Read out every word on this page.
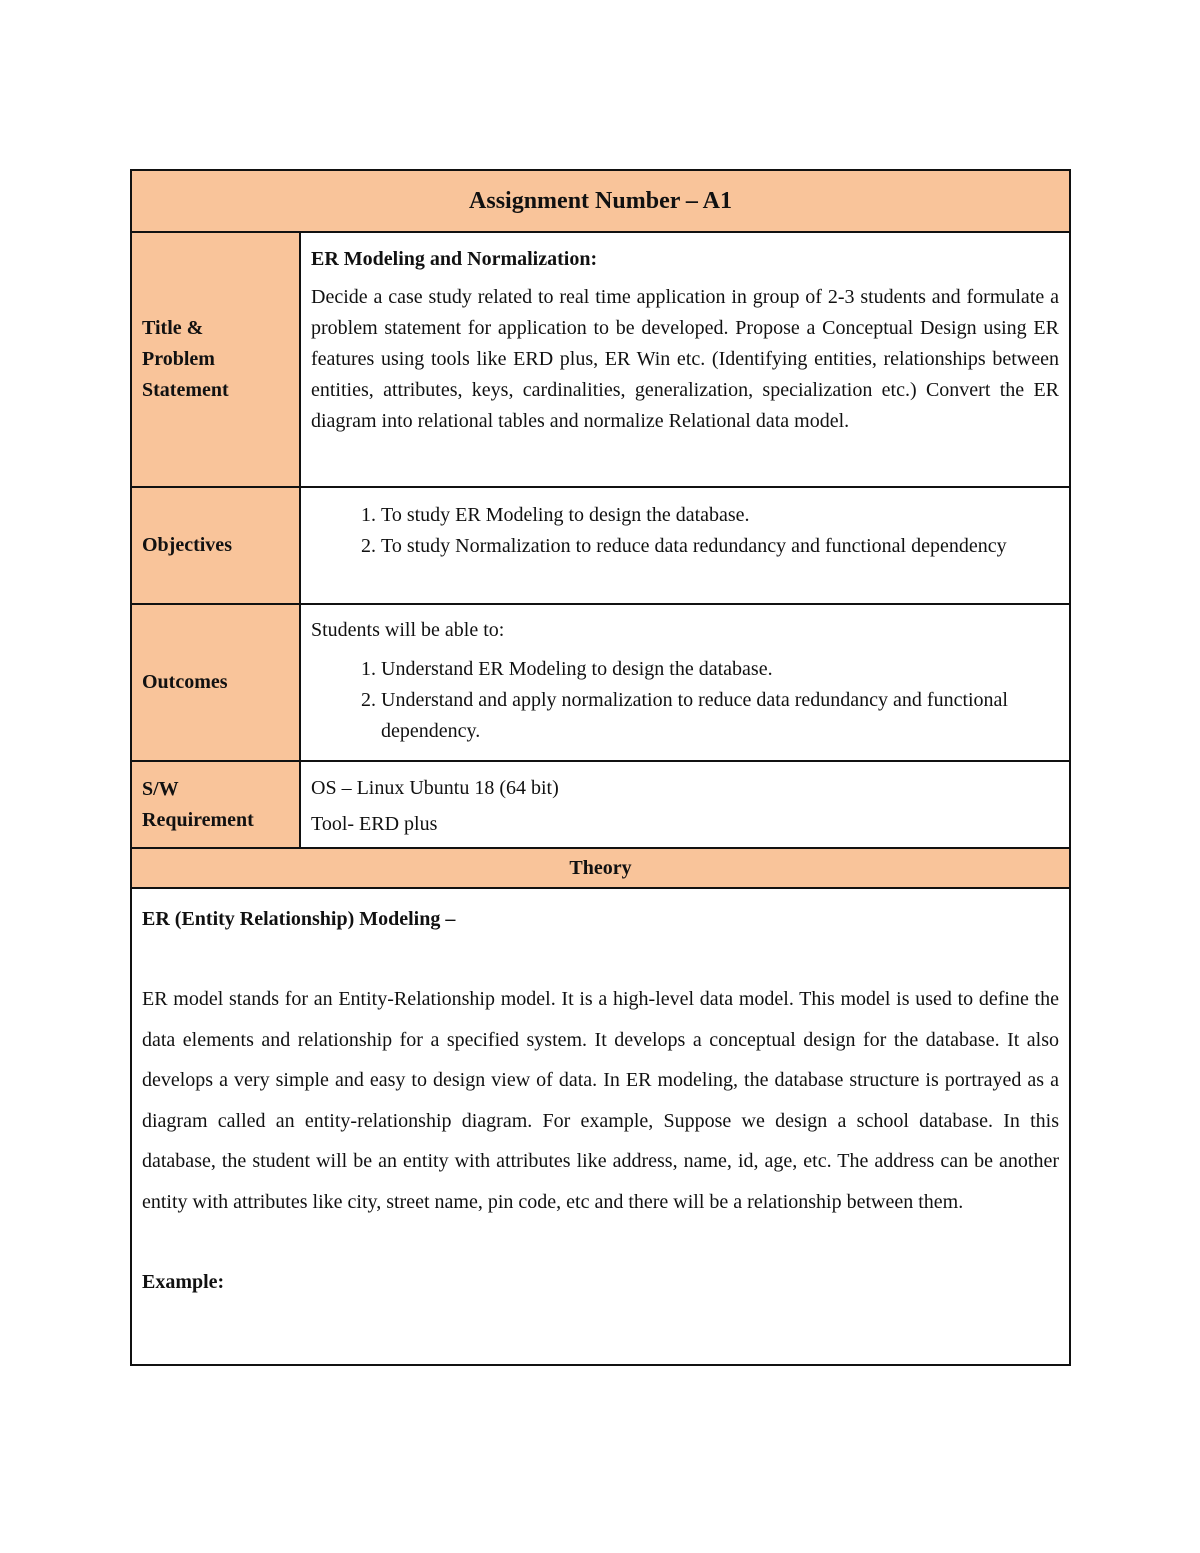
Assignment Number – A1
Title & Problem Statement

ER Modeling and Normalization:

Decide a case study related to real time application in group of 2-3 students and formulate a problem statement for application to be developed. Propose a Conceptual Design using ER features using tools like ERD plus, ER Win etc. (Identifying entities, relationships between entities, attributes, keys, cardinalities, generalization, specialization etc.) Convert the ER diagram into relational tables and normalize Relational data model.

Objectives
1. To study ER Modeling to design the database.
2. To study Normalization to reduce data redundancy and functional dependency
Outcomes

Students will be able to:

1. Understand ER Modeling to design the database.
2. Understand and apply normalization to reduce data redundancy and functional dependency.
S/W Requirement

OS – Linux Ubuntu 18 (64 bit)

Tool- ERD plus

Theory
ER (Entity Relationship) Modeling –

ER model stands for an Entity-Relationship model. It is a high-level data model. This model is used to define the data elements and relationship for a specified system. It develops a conceptual design for the database. It also develops a very simple and easy to design view of data. In ER modeling, the database structure is portrayed as a diagram called an entity-relationship diagram. For example, Suppose we design a school database. In this database, the student will be an entity with attributes like address, name, id, age, etc. The address can be another entity with attributes like city, street name, pin code, etc and there will be a relationship between them.

Example:
